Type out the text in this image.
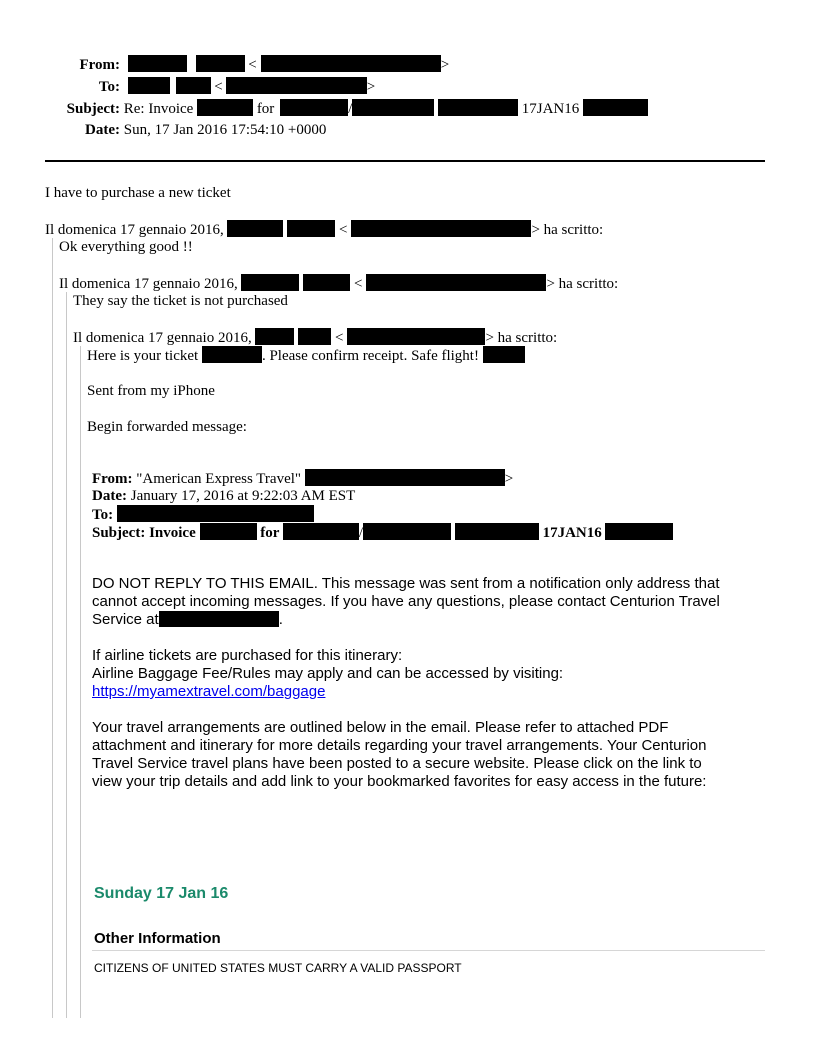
From:	<	>
To:	<	>
Subject: Re: Invoice	for	/	17JAN16
Date: Sun, 17 Jan 2016 17:54:10 +0000
I have to purchase a new ticket
Il domenica 17 gennaio 2016,	<	> ha scritto:
Ok everything good !!
Il domenica 17 gennaio 2016,	<	> ha scritto:
They say the ticket is not purchased
Il domenica 17 gennaio 2016,	<	> ha scritto:
Here is your ticket	. Please confirm receipt. Safe flight!
Sent from my iPhone
Begin forwarded message:
From: "American Express Travel"	>
Date: January 17, 2016 at 9:22:03 AM EST
To:
Subject: Invoice	for	/	17JAN16
DO NOT REPLY TO THIS EMAIL. This message was sent from a notification only address that
cannot accept incoming messages. If you have any questions, please contact Centurion Travel
Service at	.
If airline tickets are purchased for this itinerary:
Airline Baggage Fee/Rules may apply and can be accessed by visiting:
https://myamextravel.com/baggage
Your travel arrangements are outlined below in the email. Please refer to attached PDF
attachment and itinerary for more details regarding your travel arrangements. Your Centurion
Travel Service travel plans have been posted to a secure website. Please click on the link to
view your trip details and add link to your bookmarked favorites for easy access in the future:
Sunday 17 Jan 16
Other Information
CITIZENS OF UNITED STATES MUST CARRY A VALID PASSPORT
